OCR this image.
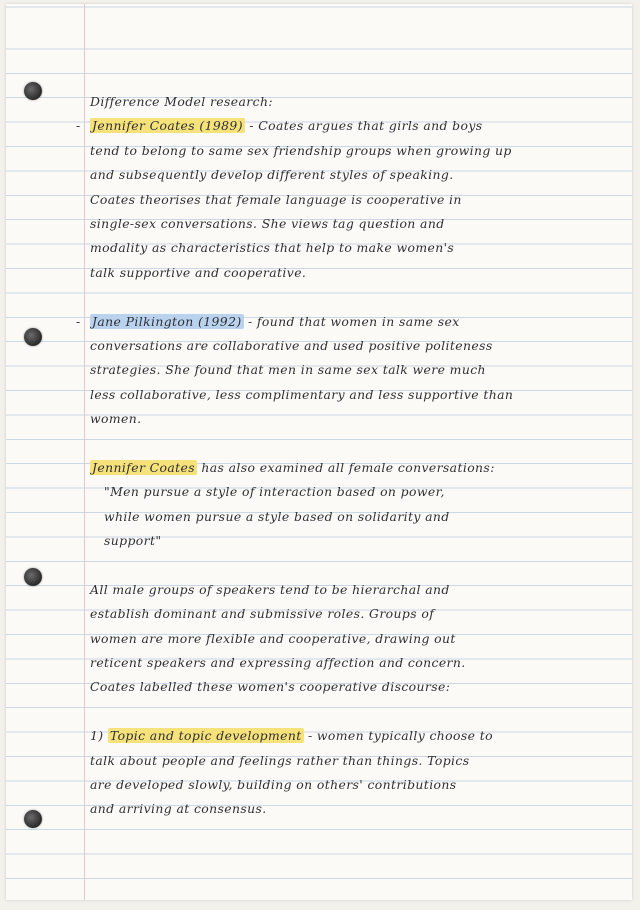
Difference Model research:

- Jennifer Coates (1989) - Coates argues that girls and boys
tend to belong to same sex friendship groups when growing up
and subsequently develop different styles of speaking.
Coates theorises that female language is cooperative in
single-sex conversations. She views tag question and
modality as characteristics that help to make women's
talk supportive and cooperative.
- Jane Pilkington (1992) - found that women in same sex
conversations are collaborative and used positive politeness
strategies. She found that men in same sex talk were much
less collaborative, less complimentary and less supportive than
women.
Jennifer Coates has also examined all female conversations:
"Men pursue a style of interaction based on power,
while women pursue a style based on solidarity and
support"
All male groups of speakers tend to be hierarchal and
establish dominant and submissive roles. Groups of
women are more flexible and cooperative, drawing out
reticent speakers and expressing affection and concern.
Coates labelled these women's cooperative discourse:
1) Topic and topic development - women typically choose to
talk about people and feelings rather than things. Topics
are developed slowly, building on others' contributions
and arriving at consensus.
